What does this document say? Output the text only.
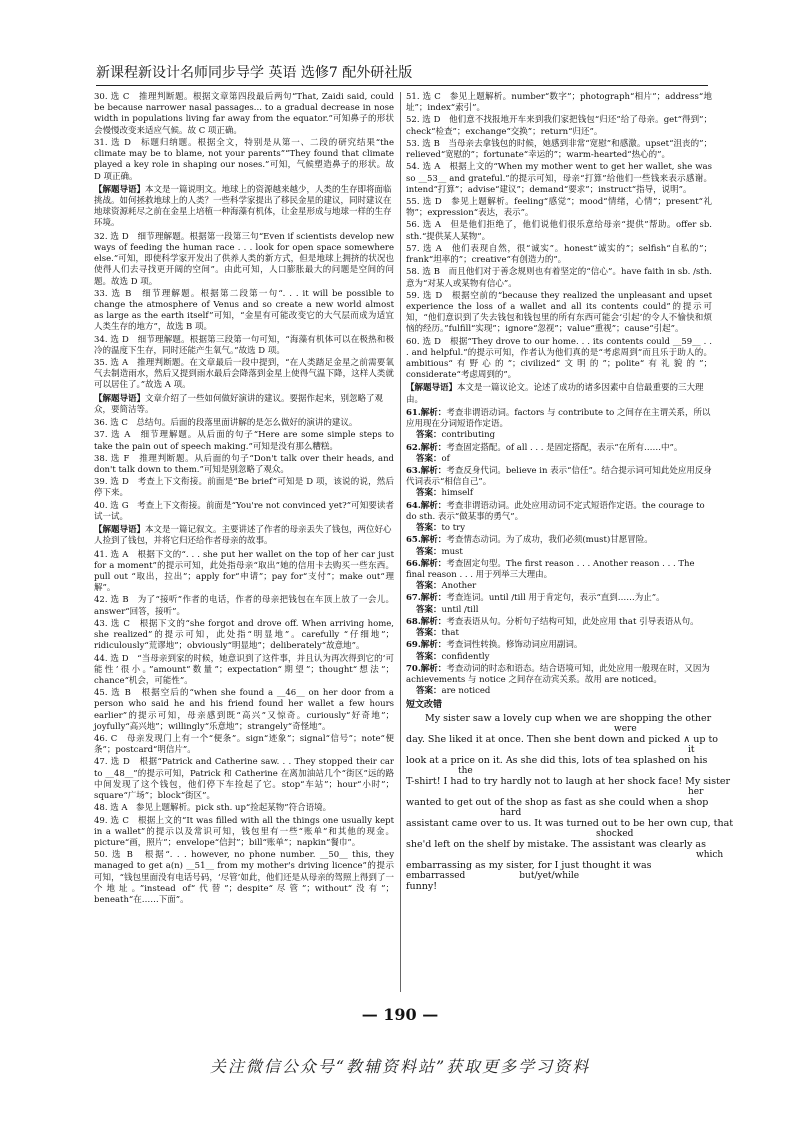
新课程新设计名师同步导学 英语 选修7 配外研社版

30. 选 C　推理判断题。根据文章第四段最后两句“That, Zaidi said, could be because narrower nasal passages... to a gradual decrease in nose width in populations living far away from the equator.”可知鼻子的形状会慢慢改变来适应气候。故 C 项正确。

31. 选 D　标题归纳题。根据全文，特别是从第一、二段的研究结果“the climate may be to blame, not your parents”“They found that climate played a key role in shaping our noses.”可知，气候塑造鼻子的形状。故 D 项正确。

【解题导语】本文是一篇说明文。地球上的资源越来越少，人类的生存即将面临挑战。如何拯救地球上的人类？一些科学家提出了移民金星的建议，同时建议在地球资源耗尽之前在金星上培植一种海藻有机体，让金星形成与地球一样的生存环境。

32. 选 D　细节理解题。根据第一段第三句“Even if scientists develop new ways of feeding the human race . . . look for open space somewhere else.”可知，即使科学家开发出了供养人类的新方式，但是地球上拥挤的状况也使得人们去寻找更开阔的空间”。由此可知，人口膨胀最大的问题是空间的问题。故选 D 项。

33. 选 B　细节理解题。根据第二段第一句“. . . it will be possible to change the atmosphere of Venus and so create a new world almost as large as the earth itself”可知，“金星有可能改变它的大气层而成为适宜人类生存的地方”，故选 B 项。

34. 选 D　细节理解题。根据第三段第一句可知，“海藻有机体可以在极热和极冷的温度下生存，同时还能产生氧气。”故选 D 项。

35. 选 A　推理判断题。在文章最后一段中提到，“在人类踏足金星之前需要氧气去制造雨水，然后又提到雨水最后会降落到金星上使得气温下降，这样人类就可以居住了。”故选 A 项。

【解题导语】文章介绍了一些如何做好演讲的建议。要据作起来，别忽略了观众，要简洁等。

36. 选 C　总结句。后面的段落里面讲解的是怎么做好的演讲的建议。

37. 选 A　细节理解题。从后面的句子“Here are some simple steps to take the pain out of speech making.”可知是没有那么糟糕。

38. 选 F　推理判断题。从后面的句子“Don't talk over their heads, and don't talk down to them.”可知是别忽略了观众。

39. 选 D　考查上下文衔接。前面是“Be brief”可知是 D 项，该说的说，然后停下来。

40. 选 G　考查上下文衔接。前面是“You're not convinced yet?”可知要读者试一试。

【解题导语】本文是一篇记叙文。主要讲述了作者的母亲丢失了钱包，两位好心人捡到了钱包，并将它归还给作者母亲的故事。

41. 选 A　根据下文的“. . . she put her wallet on the top of her car just for a moment”的提示可知，此处指母亲“取出”她的信用卡去购买一些东西。pull out “取出，拉出”；apply for“申请”；pay for“支付”；make out“理解”。

42. 选 B　为了“接听”作者的电话，作者的母亲把钱包在车顶上放了一会儿。answer“回答，接听”。

43. 选 C　根据下文的“she forgot and drove off. When arriving home, she realized”的提示可知，此处指“明显地”。carefully “仔细地”；ridiculously“荒谬地”；obviously“明显地”；deliberately“故意地”。

44. 选 D　“当母亲到家的时候，她意识到了这件事，并且认为再次得到它的‘可能性’很小。”amount“数量”；expectation“期望”；thought“想法”；chance“机会，可能性”。

45. 选 B　根据空后的“when she found a __46__ on her door from a person who said he and his friend found her wallet a few hours earlier”的提示可知，母亲感到既“高兴”又惊奇。curiously“好奇地”；joyfully“高兴地”；willingly“乐意地”；strangely“奇怪地”。

46. C　母亲发现门上有一个“便条”。sign“迹象”；signal“信号”；note“便条”；postcard“明信片”。

47. 选 D　根据“Patrick and Catherine saw. . . They stopped their car to __48__”的提示可知，Patrick 和 Catherine 在离加油站几个“街区”远的路中间发现了这个钱包，他们停下车捡起了它。stop“车站”；hour“小时”；square“广场”；block“街区”。

48. 选 A　参见上题解析。pick sth. up“捡起某物”符合语境。

49. 选 C　根据上文的“It was filled with all the things one usually kept in a wallet”的提示以及常识可知，钱包里有一些“账单”和其他的现金。picture“画，照片”；envelope“信封”；bill“账单”；napkin“餐巾”。

50. 选 B　根据“. . . however, no phone number. __50__ this, they managed to get a(n) __51__ from my mother's driving licence”的提示可知，“钱包里面没有电话号码，‘尽管’如此，他们还是从母亲的驾照上得到了一个地址。”instead of“代替”；despite“尽管”；without“没有”；beneath“在……下面”。

51. 选 C　参见上题解析。number“数字”；photograph“相片”；address“地址”；index“索引”。

52. 选 D　他们意不找报地开车来到我们家把钱包“归还”给了母亲。get“得到”；check“检查”；exchange“交换”；return“归还”。

53. 选 B　当母亲去拿钱包的时候，她感到非常“宽慰”和感激。upset“沮丧的”；relieved“宽慰的”；fortunate“幸运的”；warm-hearted“热心的”。

54. 选 A　根据上文的“When my mother went to get her wallet, she was so __53__ and grateful.”的提示可知，母亲“打算”给他们一些钱来表示感谢。intend“打算”；advise“建议”；demand“要求”；instruct“指导，说明”。

55. 选 D　参见上题解析。feeling“感觉”；mood“情绪，心情”；present“礼物”；expression“表达，表示”。

56. 选 A　但是他们拒绝了，他们说他们很乐意给母亲“提供”帮助。offer sb. sth.“提供某人某物”。

57. 选 A　他们表现自然，很“诚实”。honest“诚实的”；selfish“自私的”；frank“坦率的”；creative“有创造力的”。

58. 选 B　而且他们对于善念规则也有着坚定的“信心”。have faith in sb. /sth. 意为“对某人或某物有信心”。

59. 选 D　根据空前的“because they realized the unpleasant and upset experience the loss of a wallet and all its contents could”的提示可知，“他们意识到了失去钱包和钱包里的所有东西可能会‘引起’的令人不愉快和烦恼的经历。”fulfill“实现”；ignore“忽视”；value“重视”；cause“引起”。

60. 选 D　根据“They drove to our home. . . its contents could __59__ . . . and helpful.”的提示可知，作者认为他们真的是“考虑周到”而且乐于助人的。ambitious“有野心的”；civilized“文明的”；polite“有礼貌的”；considerate“考虑周到的”。

【解题导语】本文是一篇议论文。论述了成功的诸多因素中自信最重要的三大理由。

61.解析：考查非谓语动词。factors 与 contribute to 之间存在主谓关系，所以应用现在分词短语作定语。

答案：contributing

62.解析：考查固定搭配。of all . . . 是固定搭配，表示“在所有……中”。

答案：of

63.解析：考查反身代词。believe in 表示“信任”。结合提示词可知此处应用反身代词表示“相信自己”。

答案：himself

64.解析：考查非谓语动词。此处应用动词不定式短语作定语。the courage to do sth. 表示“做某事的勇气”。

答案：to try

65.解析：考查情态动词。为了成功，我们必须(must)甘愿冒险。

答案：must

66.解析：考查固定句型。The first reason . . . Another reason . . . The final reason . . . 用于列举三大理由。

答案：Another

67.解析：考查连词。until /till 用于肯定句，表示“直到……为止”。

答案：until /till

68.解析：考查表语从句。分析句子结构可知，此处应用 that 引导表语从句。

答案：that

69.解析：考查词性转换。修饰动词应用副词。

答案：confidently

70.解析：考查动词的时态和语态。结合语境可知，此处应用一般现在时，又因为 achievements 与 notice 之间存在动宾关系。故用 are noticed。

答案：are noticed

短文改错
　　My sister saw a lovely cup when we are shopping the other
were
day. She liked it at once. Then she bent down and picked ∧ up to
it
look at a price on it. As she did this, lots of tea splashed on his
the
T-shirt! I had to try hardly not to laugh at her shock face! My sister
her
wanted to get out of the shop as fast as she could when a shop
hard
assistant came over to us. It was turned out to be her own cup, that
shocked
she'd left on the shelf by mistake. The assistant was clearly as
which
embarrassing as my sister, for I just thought it was
embarrassed　　　　　　but/yet/while
funny!
— 190 —
关注微信公众号“教辅资料站”获取更多学习资料
